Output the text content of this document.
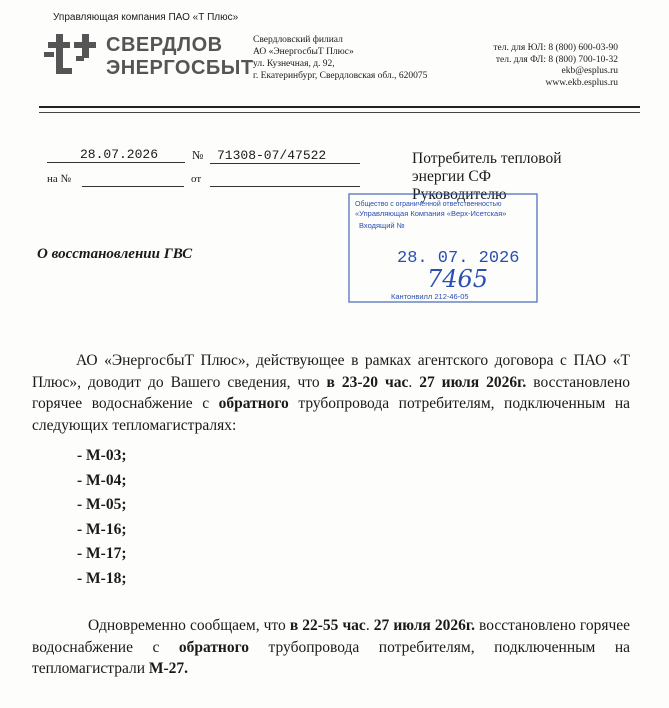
Управляющая компания ПАО «Т Плюс»
СВЕРДЛОВ
ЭНЕРГОСБЫТ
Свердловский филиал
АО «ЭнергосбыТ Плюс»
ул. Кузнечная, д. 92,
г. Екатеринбург, Свердловская обл., 620075
тел. для ЮЛ: 8 (800) 600-03-90
тел. для ФЛ: 8 (800) 700-10-32
ekb@esplus.ru
www.ekb.esplus.ru
28.07.2026	№ 71308-07/47522
на №	от
Потребитель тепловой
энергии СФ
Руководителю
Общество с ограниченной ответственностью
«Управляющая Компания «Верх-Исетская»
Входящий №
28. 07. 2026
7465
Кантонвилл 212-46-05
О восстановлении ГВС

АО «ЭнергосбыТ Плюс», действующее в рамках агентского договора с ПАО «Т Плюс», доводит до Вашего сведения, что в 23-20 час. 27 июля 2026г. восстановлено горячее водоснабжение с обратного трубопровода потребителям, подключенным на следующих тепломагистралях:

- М-03;
- М-04;
- М-05;
- М-16;
- М-17;
- М-18;

Одновременно сообщаем, что в 22-55 час. 27 июля 2026г. восстановлено горячее водоснабжение с обратного трубопровода потребителям, подключенным на тепломагистрали М-27.
